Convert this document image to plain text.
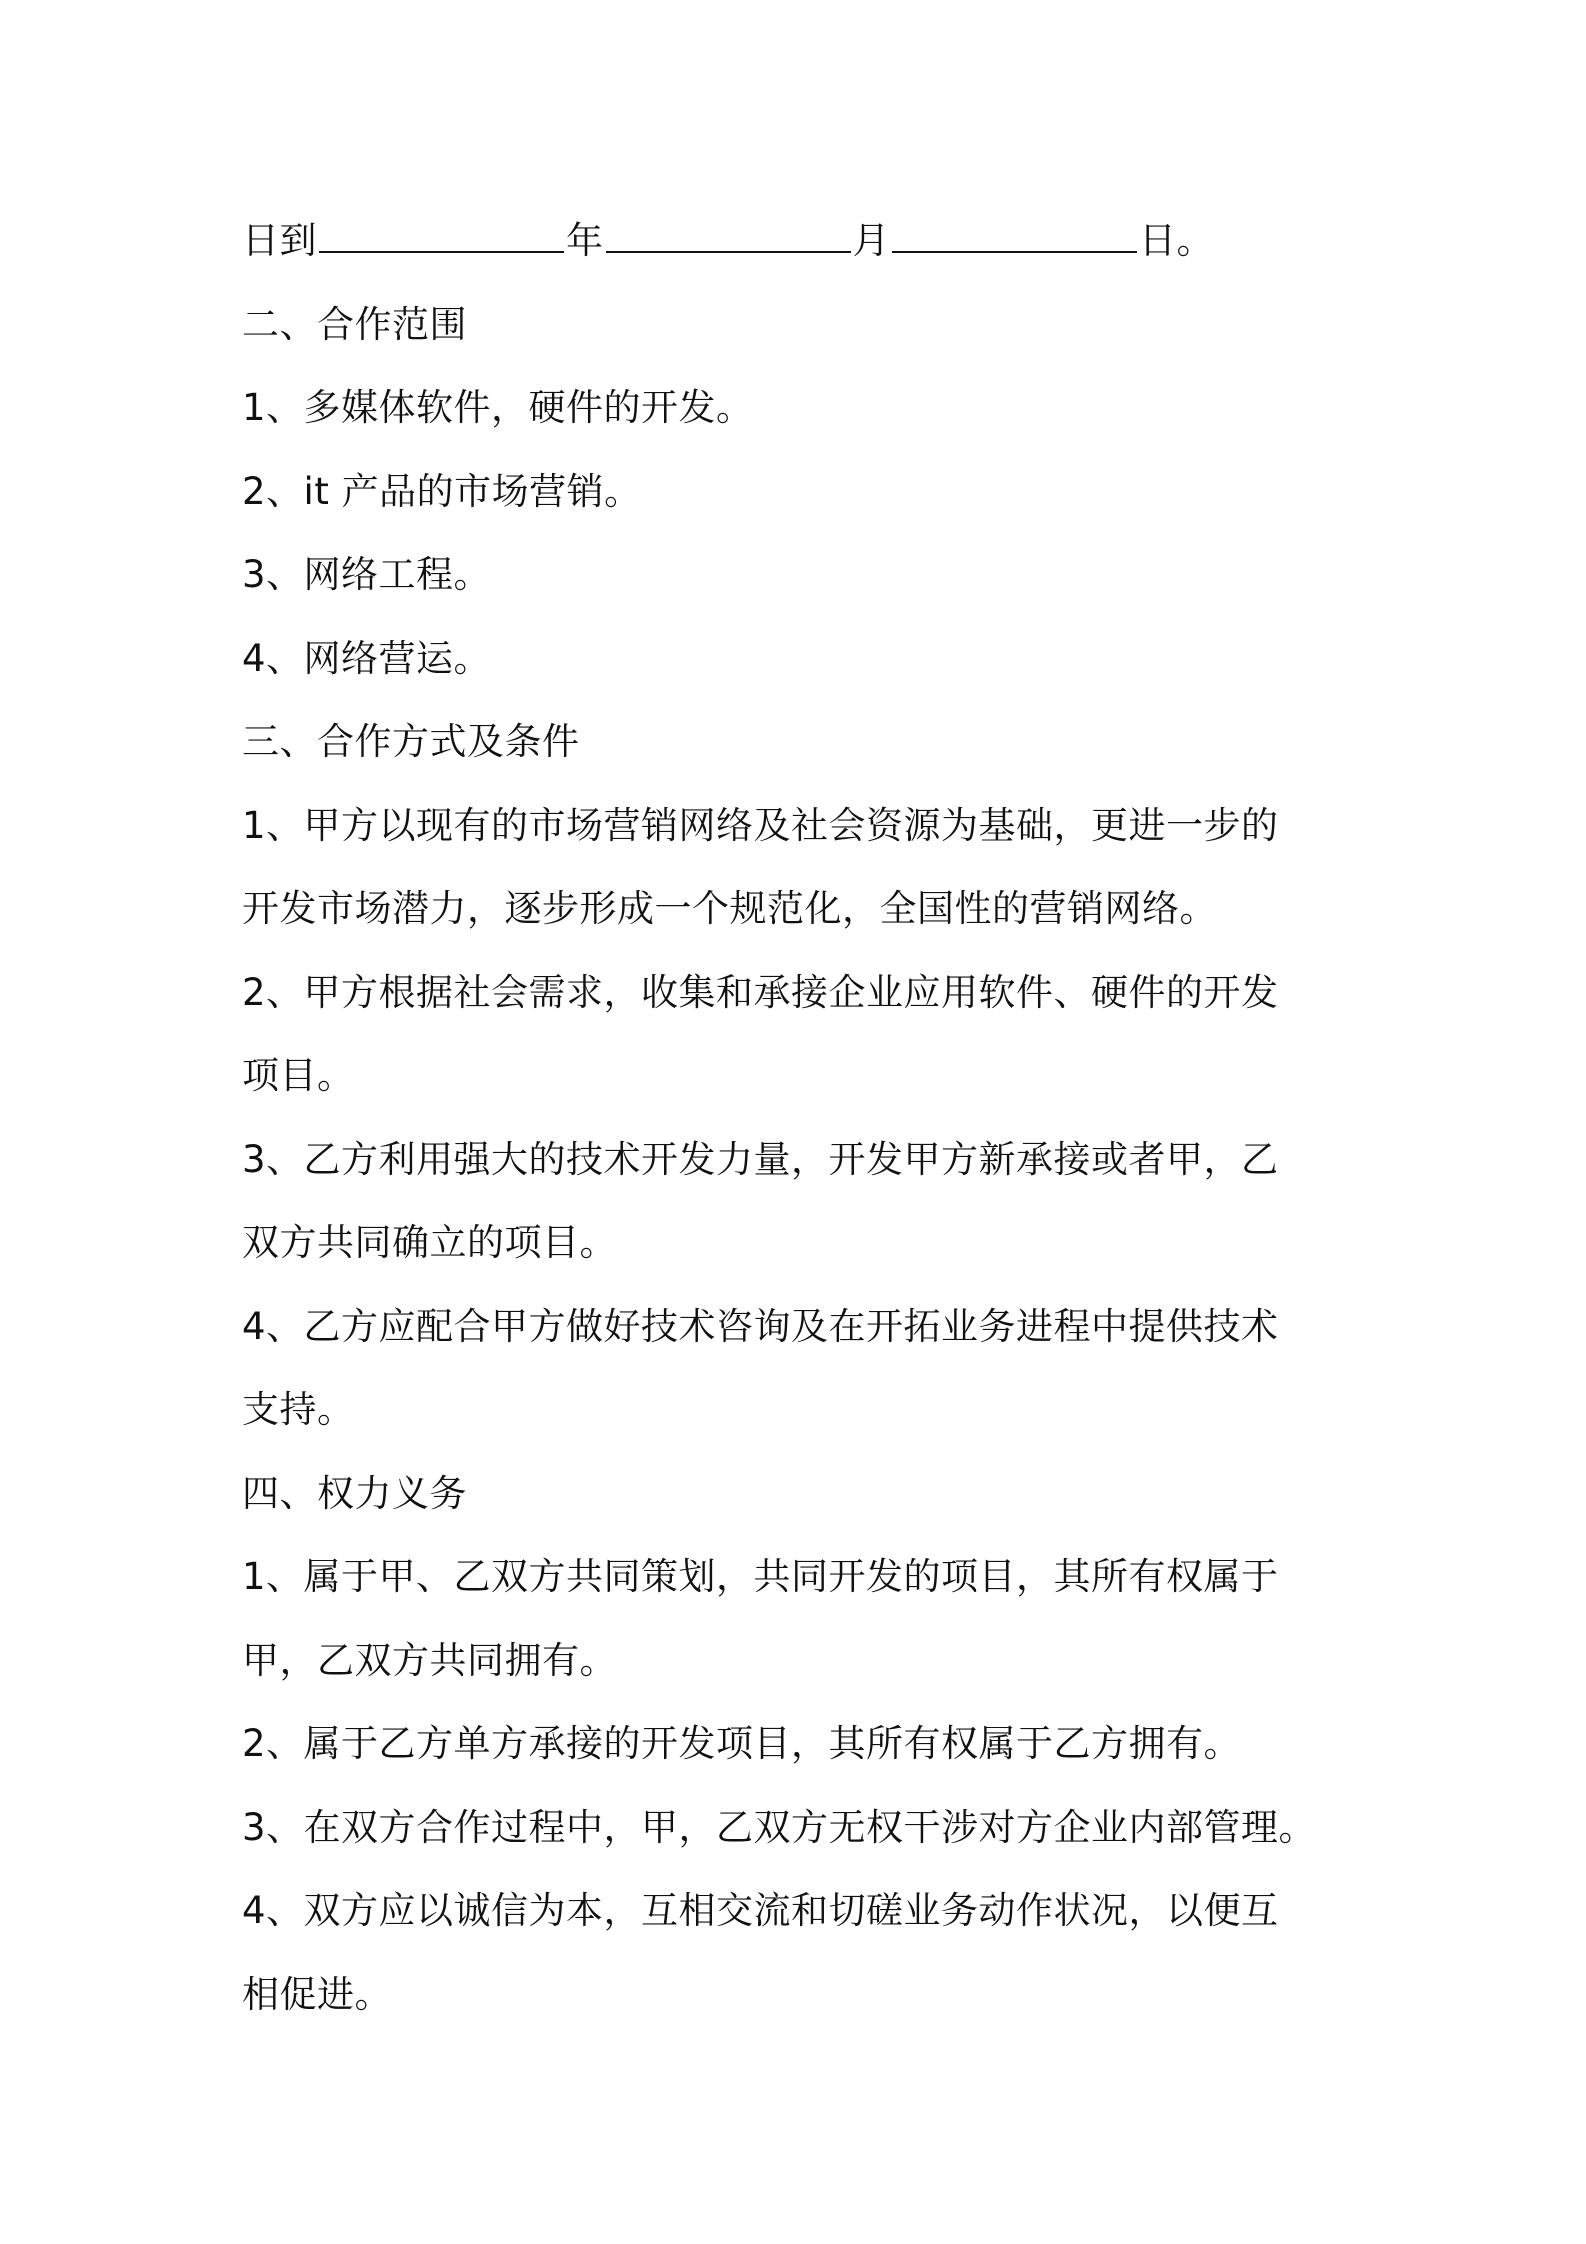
日到	年	月	日。
二、合作范围
1、多媒体软件，硬件的开发。
2、it 产品的市场营销。
3、网络工程。
4、网络营运。
三、合作方式及条件
1、甲方以现有的市场营销网络及社会资源为基础，更进一步的
开发市场潜力，逐步形成一个规范化，全国性的营销网络。
2、甲方根据社会需求，收集和承接企业应用软件、硬件的开发
项目。
3、乙方利用强大的技术开发力量，开发甲方新承接或者甲，乙
双方共同确立的项目。
4、乙方应配合甲方做好技术咨询及在开拓业务进程中提供技术
支持。
四、权力义务
1、属于甲、乙双方共同策划，共同开发的项目，其所有权属于
甲，乙双方共同拥有。
2、属于乙方单方承接的开发项目，其所有权属于乙方拥有。
3、在双方合作过程中，甲，乙双方无权干涉对方企业内部管理。
4、双方应以诚信为本，互相交流和切磋业务动作状况，以便互
相促进。
